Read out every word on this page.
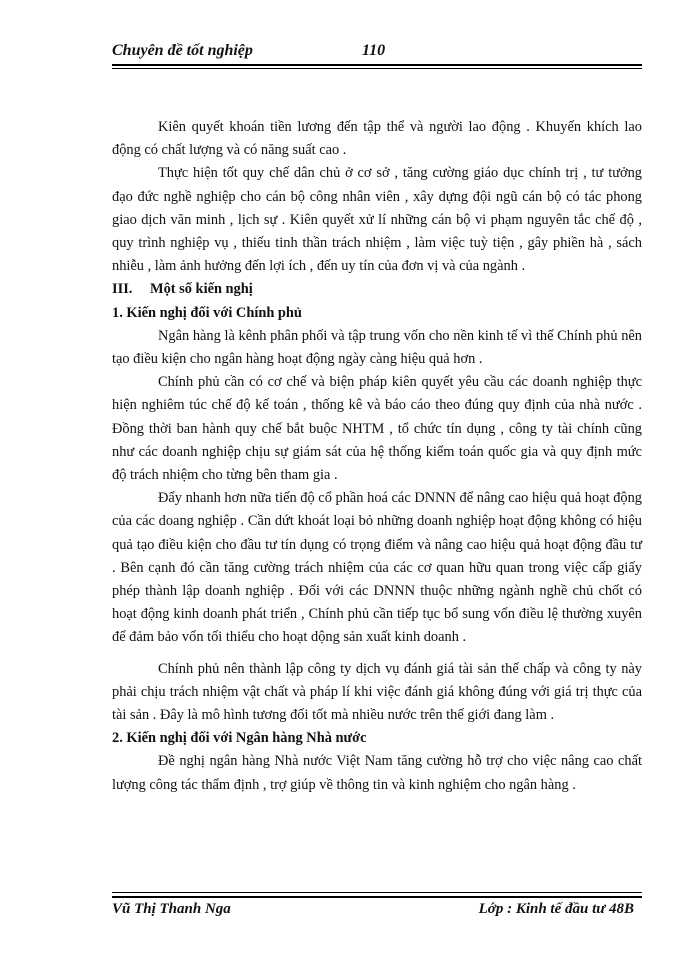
Chuyên đề tốt nghiệp	110

Kiên quyết khoán tiền lương đến tập thể và người lao động . Khuyến khích lao động có chất lượng và có năng suất cao .

Thực hiện tốt quy chế dân chủ ở cơ sở , tăng cường giáo dục chính trị , tư tưởng đạo đức nghề nghiệp cho cán bộ công nhân viên , xây dựng đội ngũ cán bộ có tác phong giao dịch văn minh , lịch sự . Kiên quyết xử lí những cán bộ vi phạm nguyên tắc chế độ , quy trình nghiệp vụ , thiếu tinh thần trách nhiệm , làm việc tuỳ tiện , gây phiền hà , sách nhiễu , làm ảnh hưởng đến lợi ích , đến uy tín của đơn vị và của ngành .

III. Một số kiến nghị

1. Kiến nghị đối với Chính phủ

Ngân hàng là kênh phân phối và tập trung vốn cho nền kinh tế vì thế Chính phủ nên tạo điều kiện cho ngân hàng hoạt động ngày càng hiệu quả hơn .

Chính phủ cần có cơ chế và biện pháp kiên quyết yêu cầu các doanh nghiệp thực hiện nghiêm túc chế độ kế toán , thống kê và báo cáo theo đúng quy định của nhà nước . Đồng thời ban hành quy chế bắt buộc NHTM , tổ chức tín dụng , công ty tài chính cũng như các doanh nghiệp chịu sự giám sát của hệ thống kiểm toán quốc gia và quy định mức độ trách nhiệm cho từng bên tham gia .

Đẩy nhanh hơn nữa tiến độ cổ phần hoá các DNNN để nâng cao hiệu quả hoạt động của các doang nghiệp . Cần dứt khoát loại bỏ những doanh nghiệp hoạt động không có hiệu quả tạo điều kiện cho đầu tư tín dụng có trọng điểm và nâng cao hiệu quả hoạt động đầu tư . Bên cạnh đó cần tăng cường trách nhiệm của các cơ quan hữu quan trong việc cấp giấy phép thành lập doanh nghiệp . Đối với các DNNN thuộc những ngành nghề chủ chốt có hoạt động kinh doanh phát triển , Chính phủ cần tiếp tục bổ sung vốn điều lệ thường xuyên để đảm bảo vốn tối thiểu cho hoạt dộng sản xuất kinh doanh .

Chính phủ nên thành lập công ty dịch vụ đánh giá tài sản thế chấp và công ty này phải chịu trách nhiệm vật chất và pháp lí khi việc đánh giá không đúng với giá trị thực của tài sản . Đây là mô hình tương đối tốt mà nhiều nước trên thế giới đang làm .

2. Kiến nghị đối với Ngân hàng Nhà nước

Đề nghị ngân hàng Nhà nước Việt Nam tăng cường hỗ trợ cho việc nâng cao chất lượng công tác thẩm định , trợ giúp về thông tin và kinh nghiệm cho ngân hàng .

Vũ Thị Thanh Nga	Lớp : Kinh tế đầu tư 48B
